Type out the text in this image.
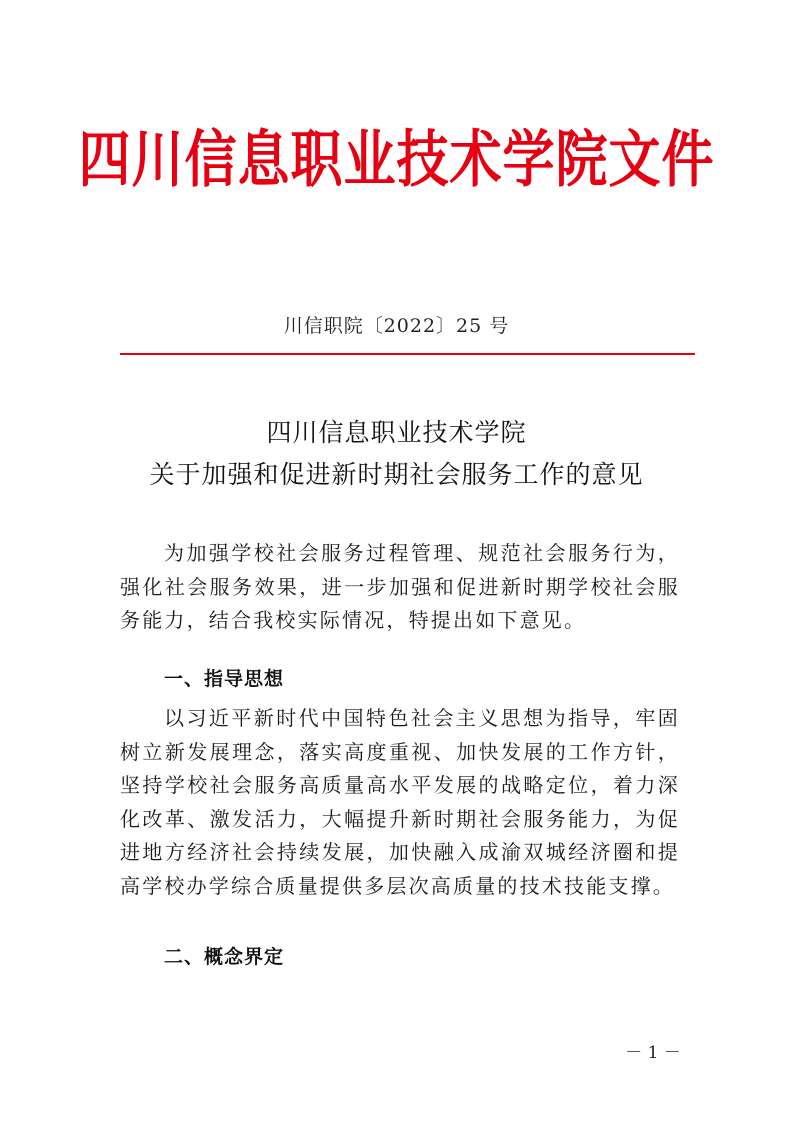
四川信息职业技术学院文件
川信职院〔2022〕25 号
四川信息职业技术学院
关于加强和促进新时期社会服务工作的意见

为加强学校社会服务过程管理、规范社会服务行为，强化社会服务效果，进一步加强和促进新时期学校社会服务能力，结合我校实际情况，特提出如下意见。

一、指导思想

以习近平新时代中国特色社会主义思想为指导，牢固树立新发展理念，落实高度重视、加快发展的工作方针，坚持学校社会服务高质量高水平发展的战略定位，着力深化改革、激发活力，大幅提升新时期社会服务能力，为促进地方经济社会持续发展，加快融入成渝双城经济圈和提高学校办学综合质量提供多层次高质量的技术技能支撑。

二、概念界定
－ 1 －
